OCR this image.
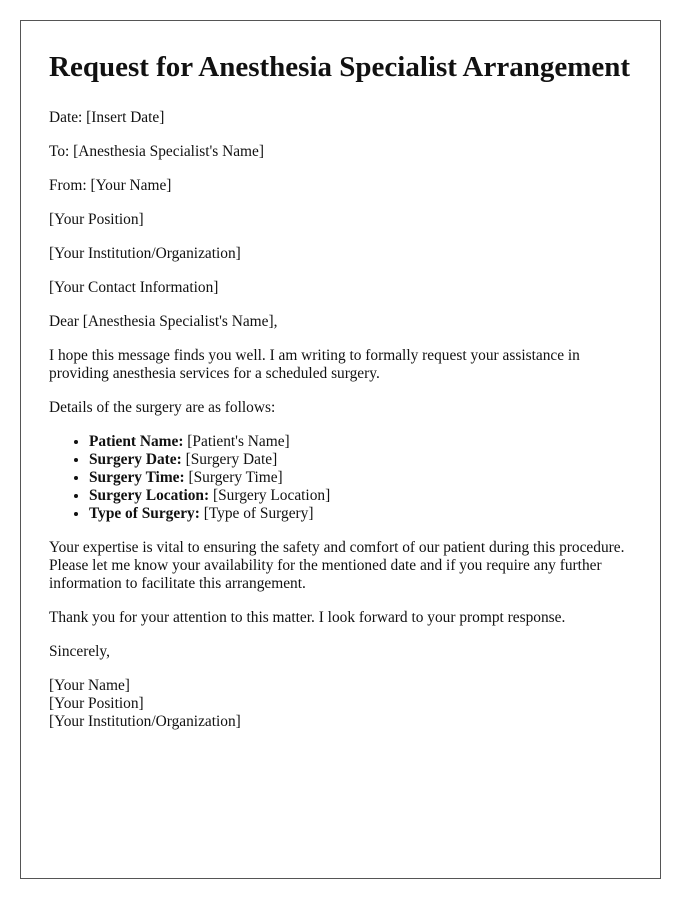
Request for Anesthesia Specialist Arrangement

Date: [Insert Date]

To: [Anesthesia Specialist's Name]

From: [Your Name]

[Your Position]

[Your Institution/Organization]

[Your Contact Information]

Dear [Anesthesia Specialist's Name],

I hope this message finds you well. I am writing to formally request your assistance in providing anesthesia services for a scheduled surgery.

Details of the surgery are as follows:

• Patient Name: [Patient's Name]
• Surgery Date: [Surgery Date]
• Surgery Time: [Surgery Time]
• Surgery Location: [Surgery Location]
• Type of Surgery: [Type of Surgery]

Your expertise is vital to ensuring the safety and comfort of our patient during this procedure. Please let me know your availability for the mentioned date and if you require any further information to facilitate this arrangement.

Thank you for your attention to this matter. I look forward to your prompt response.

Sincerely,

[Your Name]
[Your Position]
[Your Institution/Organization]
